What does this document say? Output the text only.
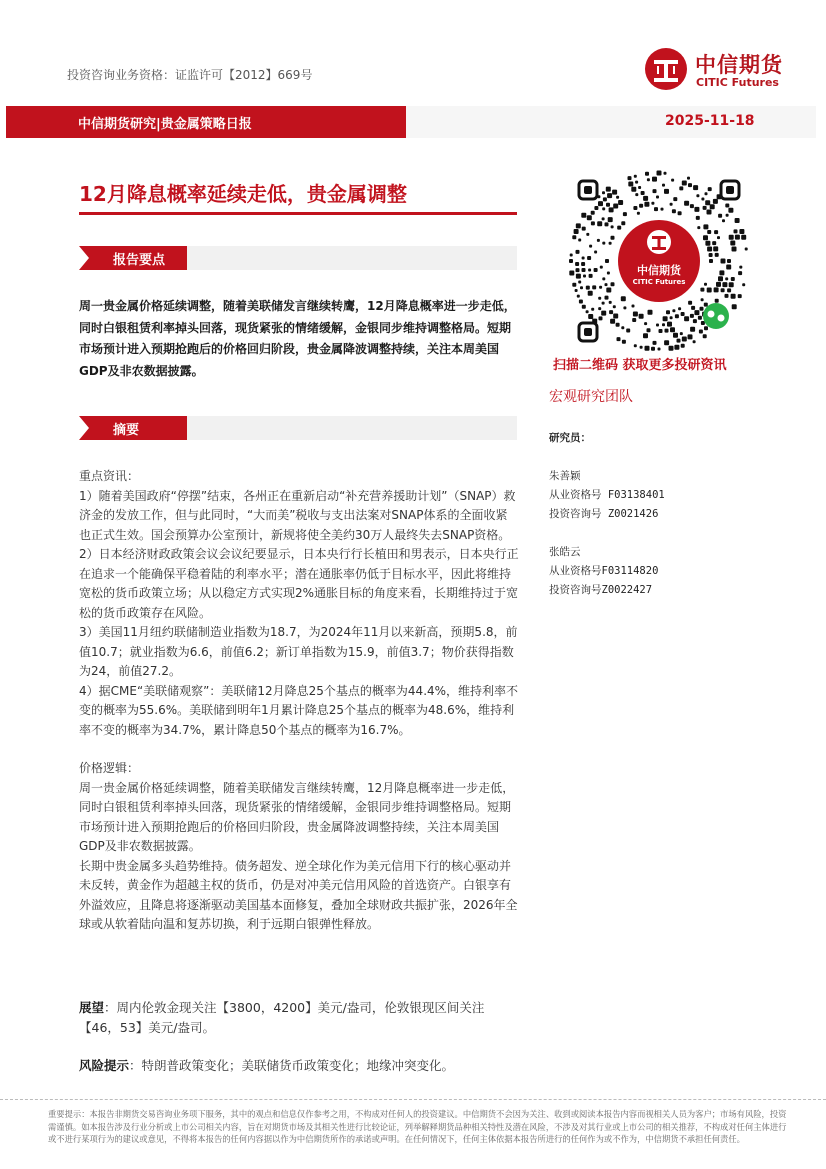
投资咨询业务资格：证监许可【2012】669号	中信期货
CITIC Futures
中信期货研究|贵金属策略日报	2025-11-18
12月降息概率延续走低，贵金属调整
报告要点
周一贵金属价格延续调整，随着美联储发言继续转鹰，12月降息概率进一步走低，同时白银租赁利率掉头回落，现货紧张的情绪缓解，金银同步维持调整格局。短期市场预计进入预期抢跑后的价格回归阶段，贵金属降波调整持续，关注本周美国GDP及非农数据披露。
摘要

重点资讯：

1）随着美国政府“停摆”结束，各州正在重新启动“补充营养援助计划”（SNAP）救济金的发放工作，但与此同时，“大而美”税收与支出法案对SNAP体系的全面收紧也正式生效。国会预算办公室预计，新规将使全美约30万人最终失去SNAP资格。

2）日本经济财政政策会议会议纪要显示，日本央行行长植田和男表示，日本央行正在追求一个能确保平稳着陆的利率水平；潜在通胀率仍低于目标水平，因此将维持宽松的货币政策立场；从以稳定方式实现2%通胀目标的角度来看，长期维持过于宽松的货币政策存在风险。

3）美国11月纽约联储制造业指数为18.7，为2024年11月以来新高，预期5.8，前值10.7；就业指数为6.6，前值6.2；新订单指数为15.9，前值3.7；物价获得指数为24，前值27.2。

4）据CME“美联储观察”：美联储12月降息25个基点的概率为44.4%，维持利率不变的概率为55.6%。美联储到明年1月累计降息25个基点的概率为48.6%，维持利率不变的概率为34.7%，累计降息50个基点的概率为16.7%。

价格逻辑：

周一贵金属价格延续调整，随着美联储发言继续转鹰，12月降息概率进一步走低，同时白银租赁利率掉头回落，现货紧张的情绪缓解，金银同步维持调整格局。短期市场预计进入预期抢跑后的价格回归阶段，贵金属降波调整持续，关注本周美国GDP及非农数据披露。

长期中贵金属多头趋势维持。债务超发、逆全球化作为美元信用下行的核心驱动并未反转，黄金作为超越主权的货币，仍是对冲美元信用风险的首选资产。白银享有外溢效应，且降息将逐渐驱动美国基本面修复，叠加全球财政共振扩张，2026年全球或从软着陆向温和复苏切换，利于远期白银弹性释放。

展望：周内伦敦金现关注【3800，4200】美元/盎司，伦敦银现区间关注【46，53】美元/盎司。
风险提示：特朗普政策变化；美联储货币政策变化；地缘冲突变化。
中信期货
CITIC Futures
扫描二维码 获取更多投研资讯
宏观研究团队
研究员：
朱善颖
从业资格号 F03138401
投资咨询号 Z0021426
张皓云
从业资格号F03114820
投资咨询号Z0022427
重要提示：本报告非期货交易咨询业务项下服务，其中的观点和信息仅作参考之用，不构成对任何人的投资建议。中信期货不会因为关注、收到或阅读本报告内容而视相关人员为客户；市场有风险，投资需谨慎。如本报告涉及行业分析或上市公司相关内容，旨在对期货市场及其相关性进行比较论证，列举解释期货品种相关特性及潜在风险，不涉及对其行业或上市公司的相关推荐，不构成对任何主体进行或不进行某项行为的建议或意见，不得将本报告的任何内容据以作为中信期货所作的承诺或声明。在任何情况下，任何主体依据本报告所进行的任何作为或不作为，中信期货不承担任何责任。
